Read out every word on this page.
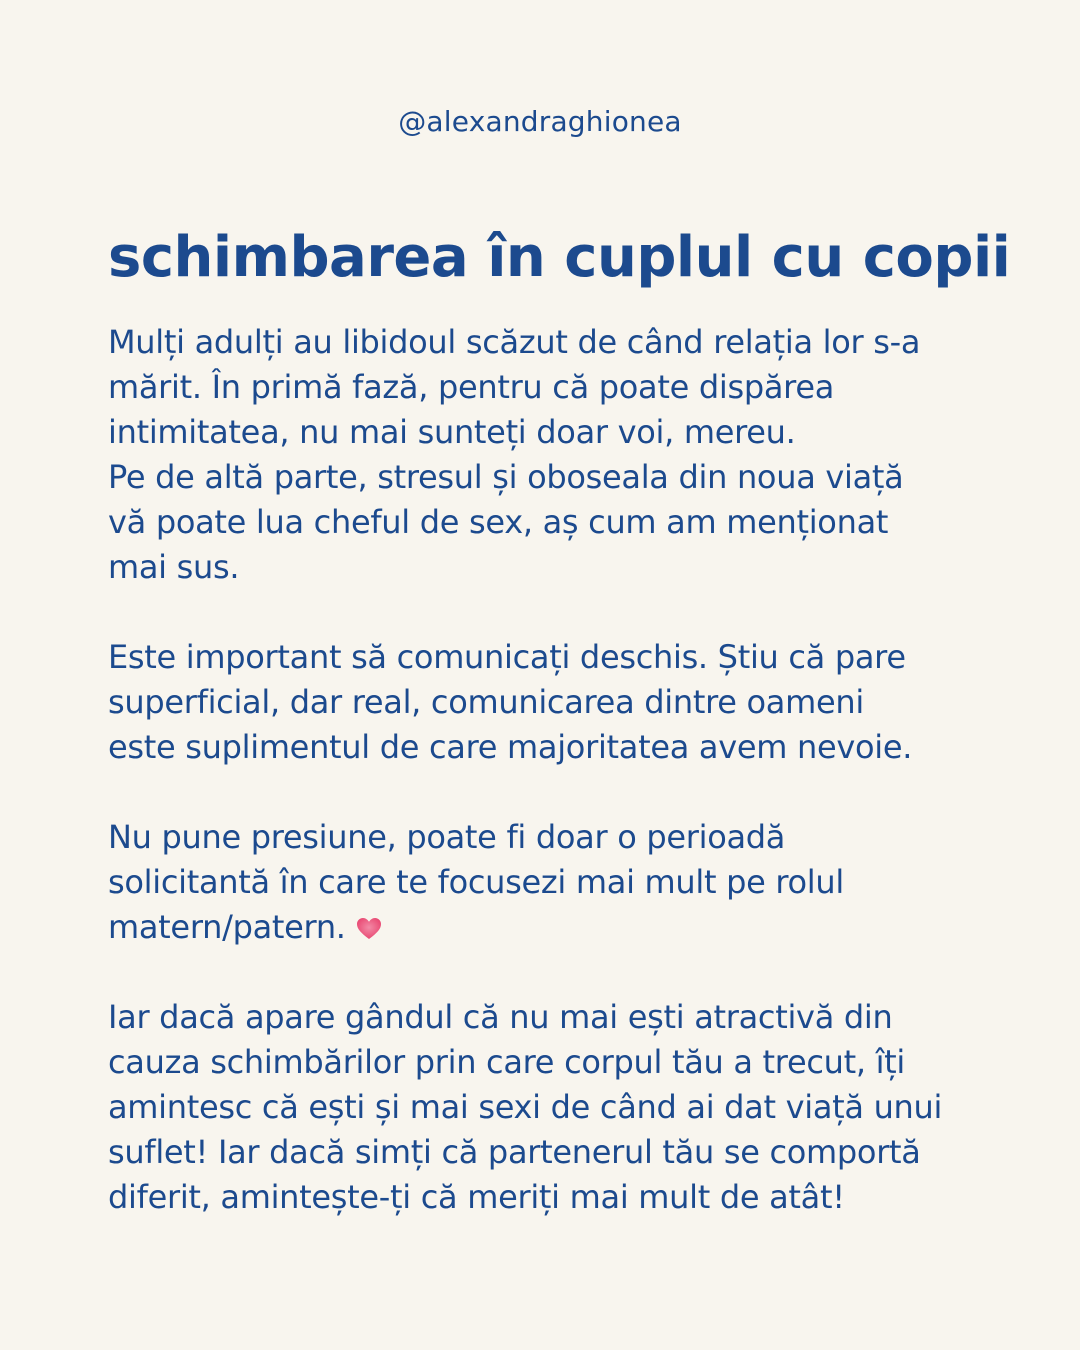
@alexandraghionea
schimbarea în cuplul cu copii
Mulți adulți au libidoul scăzut de când relația lor s-a
mărit. În primă fază, pentru că poate dispărea
intimitatea, nu mai sunteți doar voi, mereu.
Pe de altă parte, stresul și oboseala din noua viață
vă poate lua cheful de sex, aș cum am menționat
mai sus.
Este important să comunicați deschis. Știu că pare
superficial, dar real, comunicarea dintre oameni
este suplimentul de care majoritatea avem nevoie.
Nu pune presiune, poate fi doar o perioadă
solicitantă în care te focusezi mai mult pe rolul
matern/patern.
Iar dacă apare gândul că nu mai ești atractivă din
cauza schimbărilor prin care corpul tău a trecut, îți
amintesc că ești și mai sexi de când ai dat viață unui
suflet! Iar dacă simți că partenerul tău se comportă
diferit, amintește-ți că meriți mai mult de atât!
